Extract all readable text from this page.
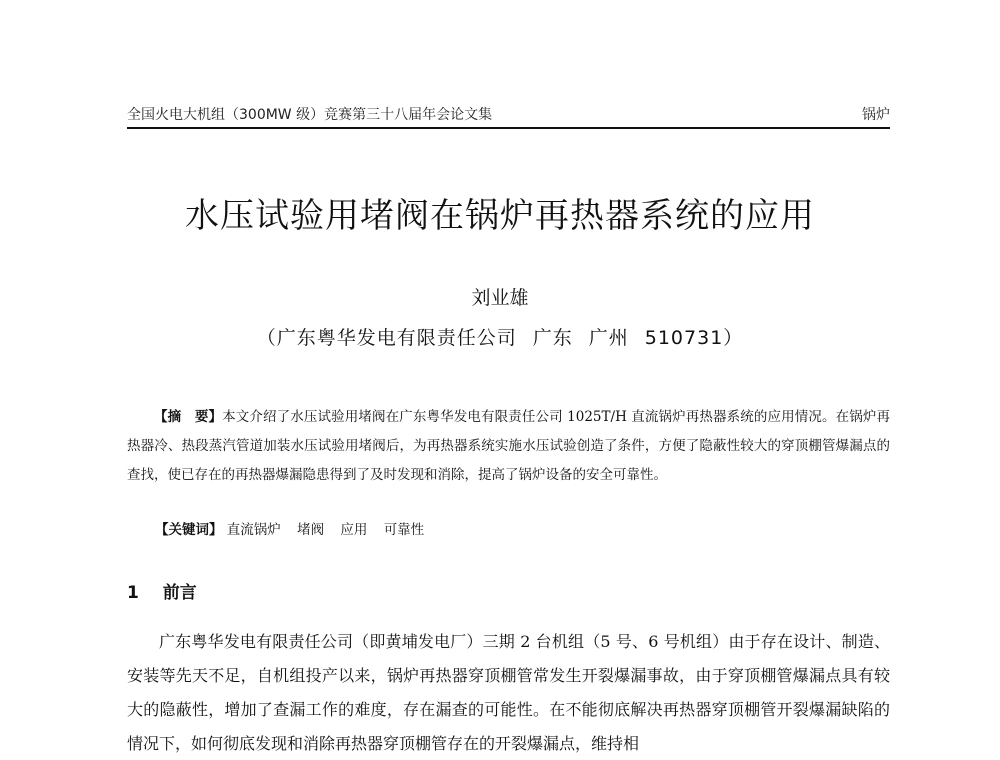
全国火电大机组（300MW 级）竞赛第三十八届年会论文集	锅炉
水压试验用堵阀在锅炉再热器系统的应用
刘业雄
（广东粤华发电有限责任公司 广东 广州 510731）
【摘　要】本文介绍了水压试验用堵阀在广东粤华发电有限责任公司 1025T/H 直流锅炉再热器系统的应用情况。在锅炉再热器冷、热段蒸汽管道加装水压试验用堵阀后，为再热器系统实施水压试验创造了条件，方便了隐蔽性较大的穿顶棚管爆漏点的查找，使已存在的再热器爆漏隐患得到了及时发现和消除，提高了锅炉设备的安全可靠性。
【关键词】 直流锅炉 堵阀 应用 可靠性
1 前言
广东粤华发电有限责任公司（即黄埔发电厂）三期 2 台机组（5 号、6 号机组）由于存在设计、制造、安装等先天不足，自机组投产以来，锅炉再热器穿顶棚管常发生开裂爆漏事故，由于穿顶棚管爆漏点具有较大的隐蔽性，增加了查漏工作的难度，存在漏查的可能性。在不能彻底解决再热器穿顶棚管开裂爆漏缺陷的情况下，如何彻底发现和消除再热器穿顶棚管存在的开裂爆漏点，维持相
